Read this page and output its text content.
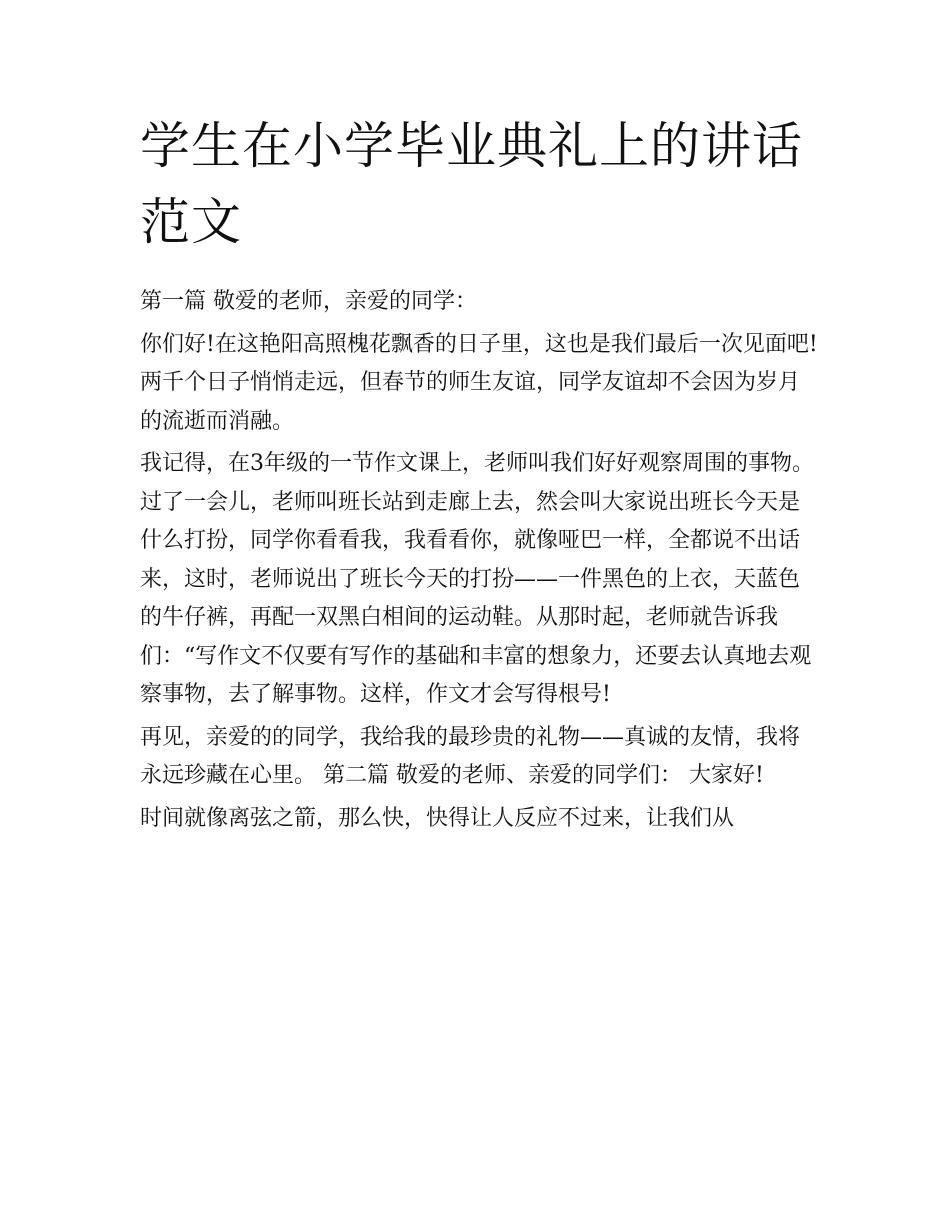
学生在小学毕业典礼上的讲话范文

第一篇 敬爱的老师，亲爱的同学：

你们好!在这艳阳高照槐花飘香的日子里，这也是我们最后一次见面吧!两千个日子悄悄走远，但春节的师生友谊，同学友谊却不会因为岁月的流逝而消融。

我记得，在3年级的一节作文课上，老师叫我们好好观察周围的事物。过了一会儿，老师叫班长站到走廊上去，然会叫大家说出班长今天是什么打扮，同学你看看我，我看看你，就像哑巴一样，全都说不出话来，这时，老师说出了班长今天的打扮——一件黑色的上衣，天蓝色的牛仔裤，再配一双黑白相间的运动鞋。从那时起，老师就告诉我们：“写作文不仅要有写作的基础和丰富的想象力，还要去认真地去观察事物，去了解事物。这样，作文才会写得根号!

再见，亲爱的的同学，我给我的最珍贵的礼物——真诚的友情，我将永远珍藏在心里。 第二篇 敬爱的老师、亲爱的同学们： 大家好!

时间就像离弦之箭，那么快，快得让人反应不过来，让我们从
